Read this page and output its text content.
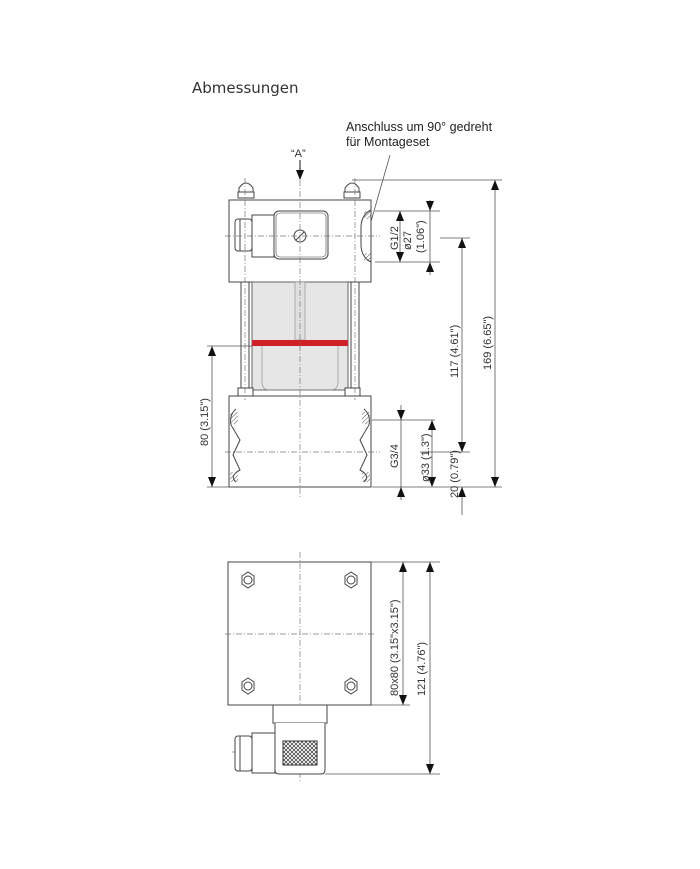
Abmessungen
Anschluss um 90° gedreht
für Montageset
“A”
G1/2 ø27 (1.06")
117 (4.61") 169 (6.65")
20 (0.79")
80 (3.15")
G3/4 ø33 (1.3")
80x80 (3.15"x3.15") 121 (4.76")
